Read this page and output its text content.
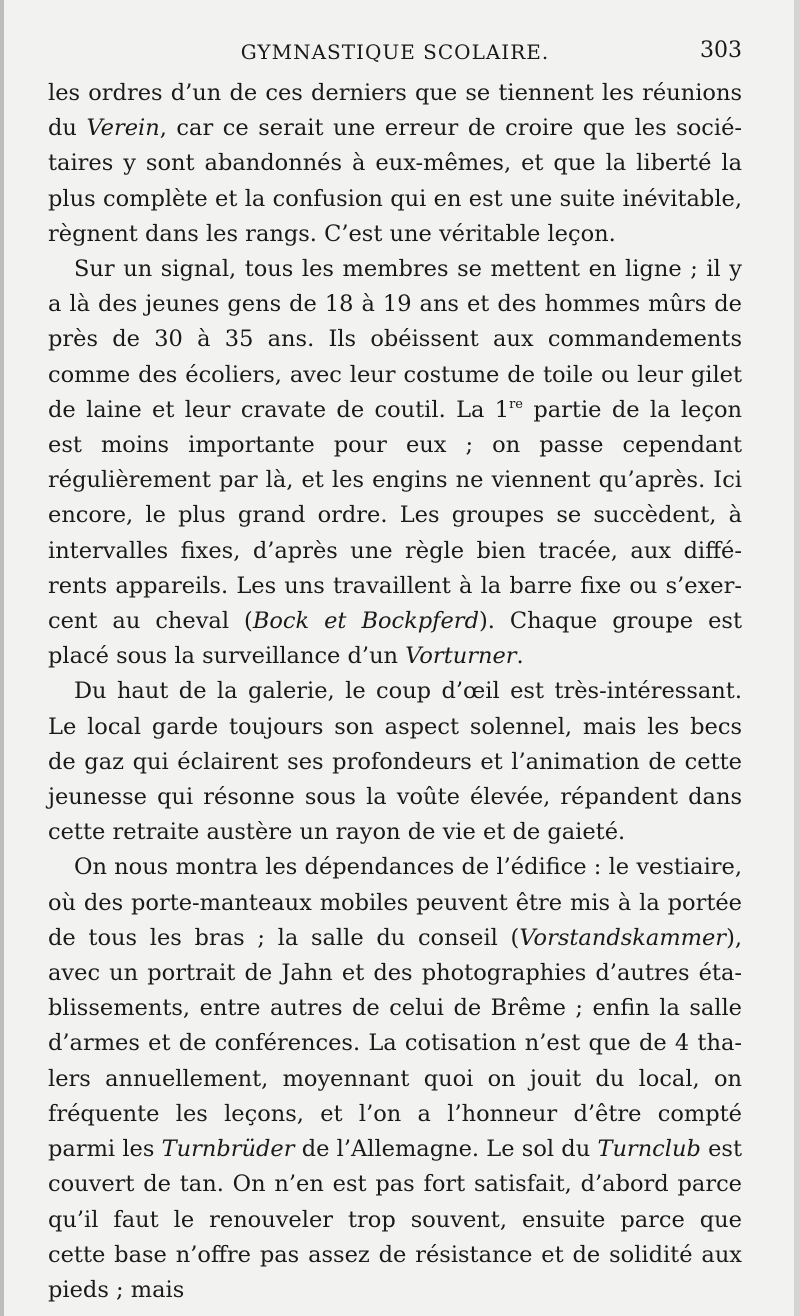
GYMNASTIQUE SCOLAIRE.	303

les ordres d’un de ces derniers que se tiennent les réunions du Verein, car ce serait une erreur de croire que les sociétaires y sont abandonnés à eux-mêmes, et que la liberté la plus complète et la confusion qui en est une suite inévitable, règnent dans les rangs. C’est une véritable leçon.

Sur un signal, tous les membres se mettent en ligne ; il y a là des jeunes gens de 18 à 19 ans et des hommes mûrs de près de 30 à 35 ans. Ils obéissent aux commandements comme des écoliers, avec leur costume de toile ou leur gilet de laine et leur cravate de coutil. La 1re partie de la leçon est moins importante pour eux ; on passe cependant régulièrement par là, et les engins ne viennent qu’après. Ici encore, le plus grand ordre. Les groupes se succèdent, à intervalles fixes, d’après une règle bien tracée, aux différents appareils. Les uns travaillent à la barre fixe ou s’exercent au cheval (Bock et Bockpferd). Chaque groupe est placé sous la surveillance d’un Vorturner.

Du haut de la galerie, le coup d’œil est très-intéressant. Le local garde toujours son aspect solennel, mais les becs de gaz qui éclairent ses profondeurs et l’animation de cette jeunesse qui résonne sous la voûte élevée, répandent dans cette retraite austère un rayon de vie et de gaieté.

On nous montra les dépendances de l’édifice : le vestiaire, où des porte-manteaux mobiles peuvent être mis à la portée de tous les bras ; la salle du conseil (Vorstandskammer), avec un portrait de Jahn et des photographies d’autres établissements, entre autres de celui de Brême ; enfin la salle d’armes et de conférences. La cotisation n’est que de 4 thalers annuellement, moyennant quoi on jouit du local, on fréquente les leçons, et l’on a l’honneur d’être compté parmi les Turnbrüder de l’Allemagne. Le sol du Turnclub est couvert de tan. On n’en est pas fort satisfait, d’abord parce qu’il faut le renouveler trop souvent, ensuite parce que cette base n’offre pas assez de résistance et de solidité aux pieds ; mais
